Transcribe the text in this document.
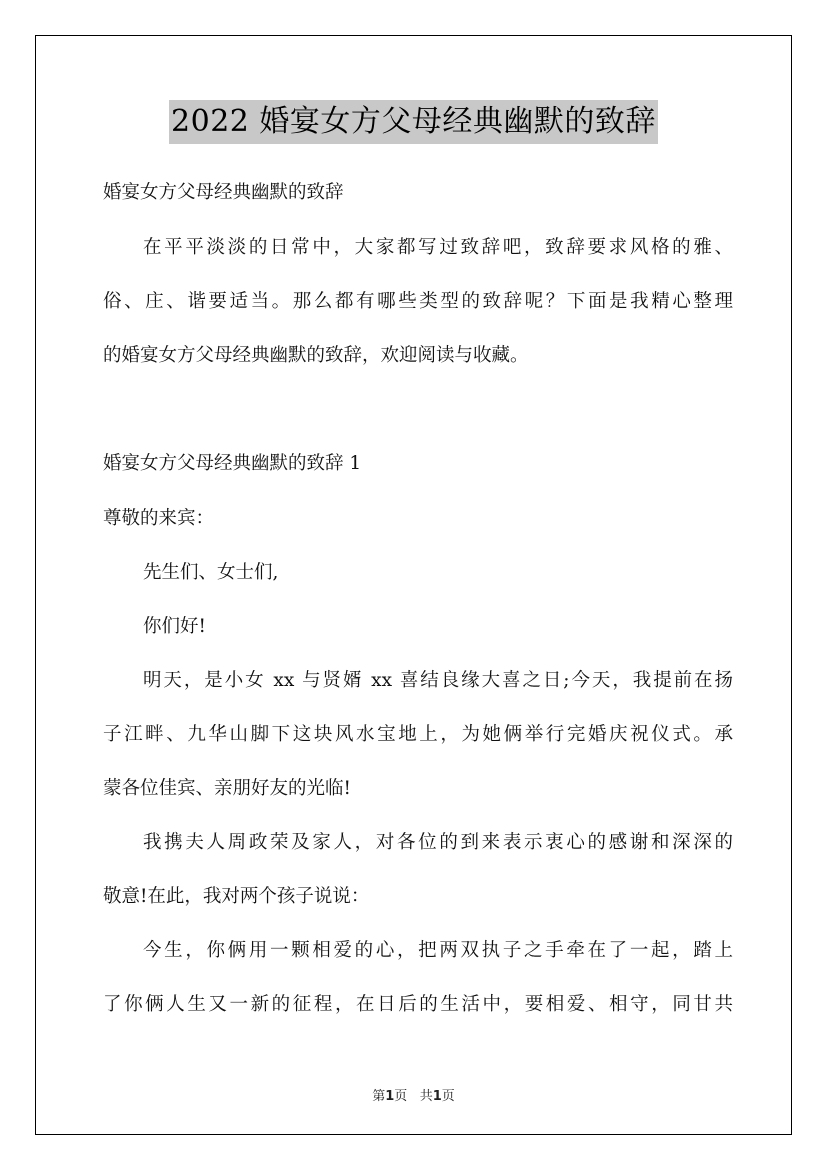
2022 婚宴女方父母经典幽默的致辞
婚宴女方父母经典幽默的致辞
在平平淡淡的日常中，大家都写过致辞吧，致辞要求风格的雅、
俗、庄、谐要适当。那么都有哪些类型的致辞呢？下面是我精心整理
的婚宴女方父母经典幽默的致辞，欢迎阅读与收藏。
婚宴女方父母经典幽默的致辞 1
尊敬的来宾：
先生们、女士们,
你们好!
明天，是小女 xx 与贤婿 xx 喜结良缘大喜之日;今天，我提前在扬
子江畔、九华山脚下这块风水宝地上，为她俩举行完婚庆祝仪式。承
蒙各位佳宾、亲朋好友的光临!
我携夫人周政荣及家人，对各位的到来表示衷心的感谢和深深的
敬意!在此，我对两个孩子说说：
今生，你俩用一颗相爱的心，把两双执子之手牵在了一起，踏上
了你俩人生又一新的征程，在日后的生活中，要相爱、相守，同甘共
第1页 共1页
